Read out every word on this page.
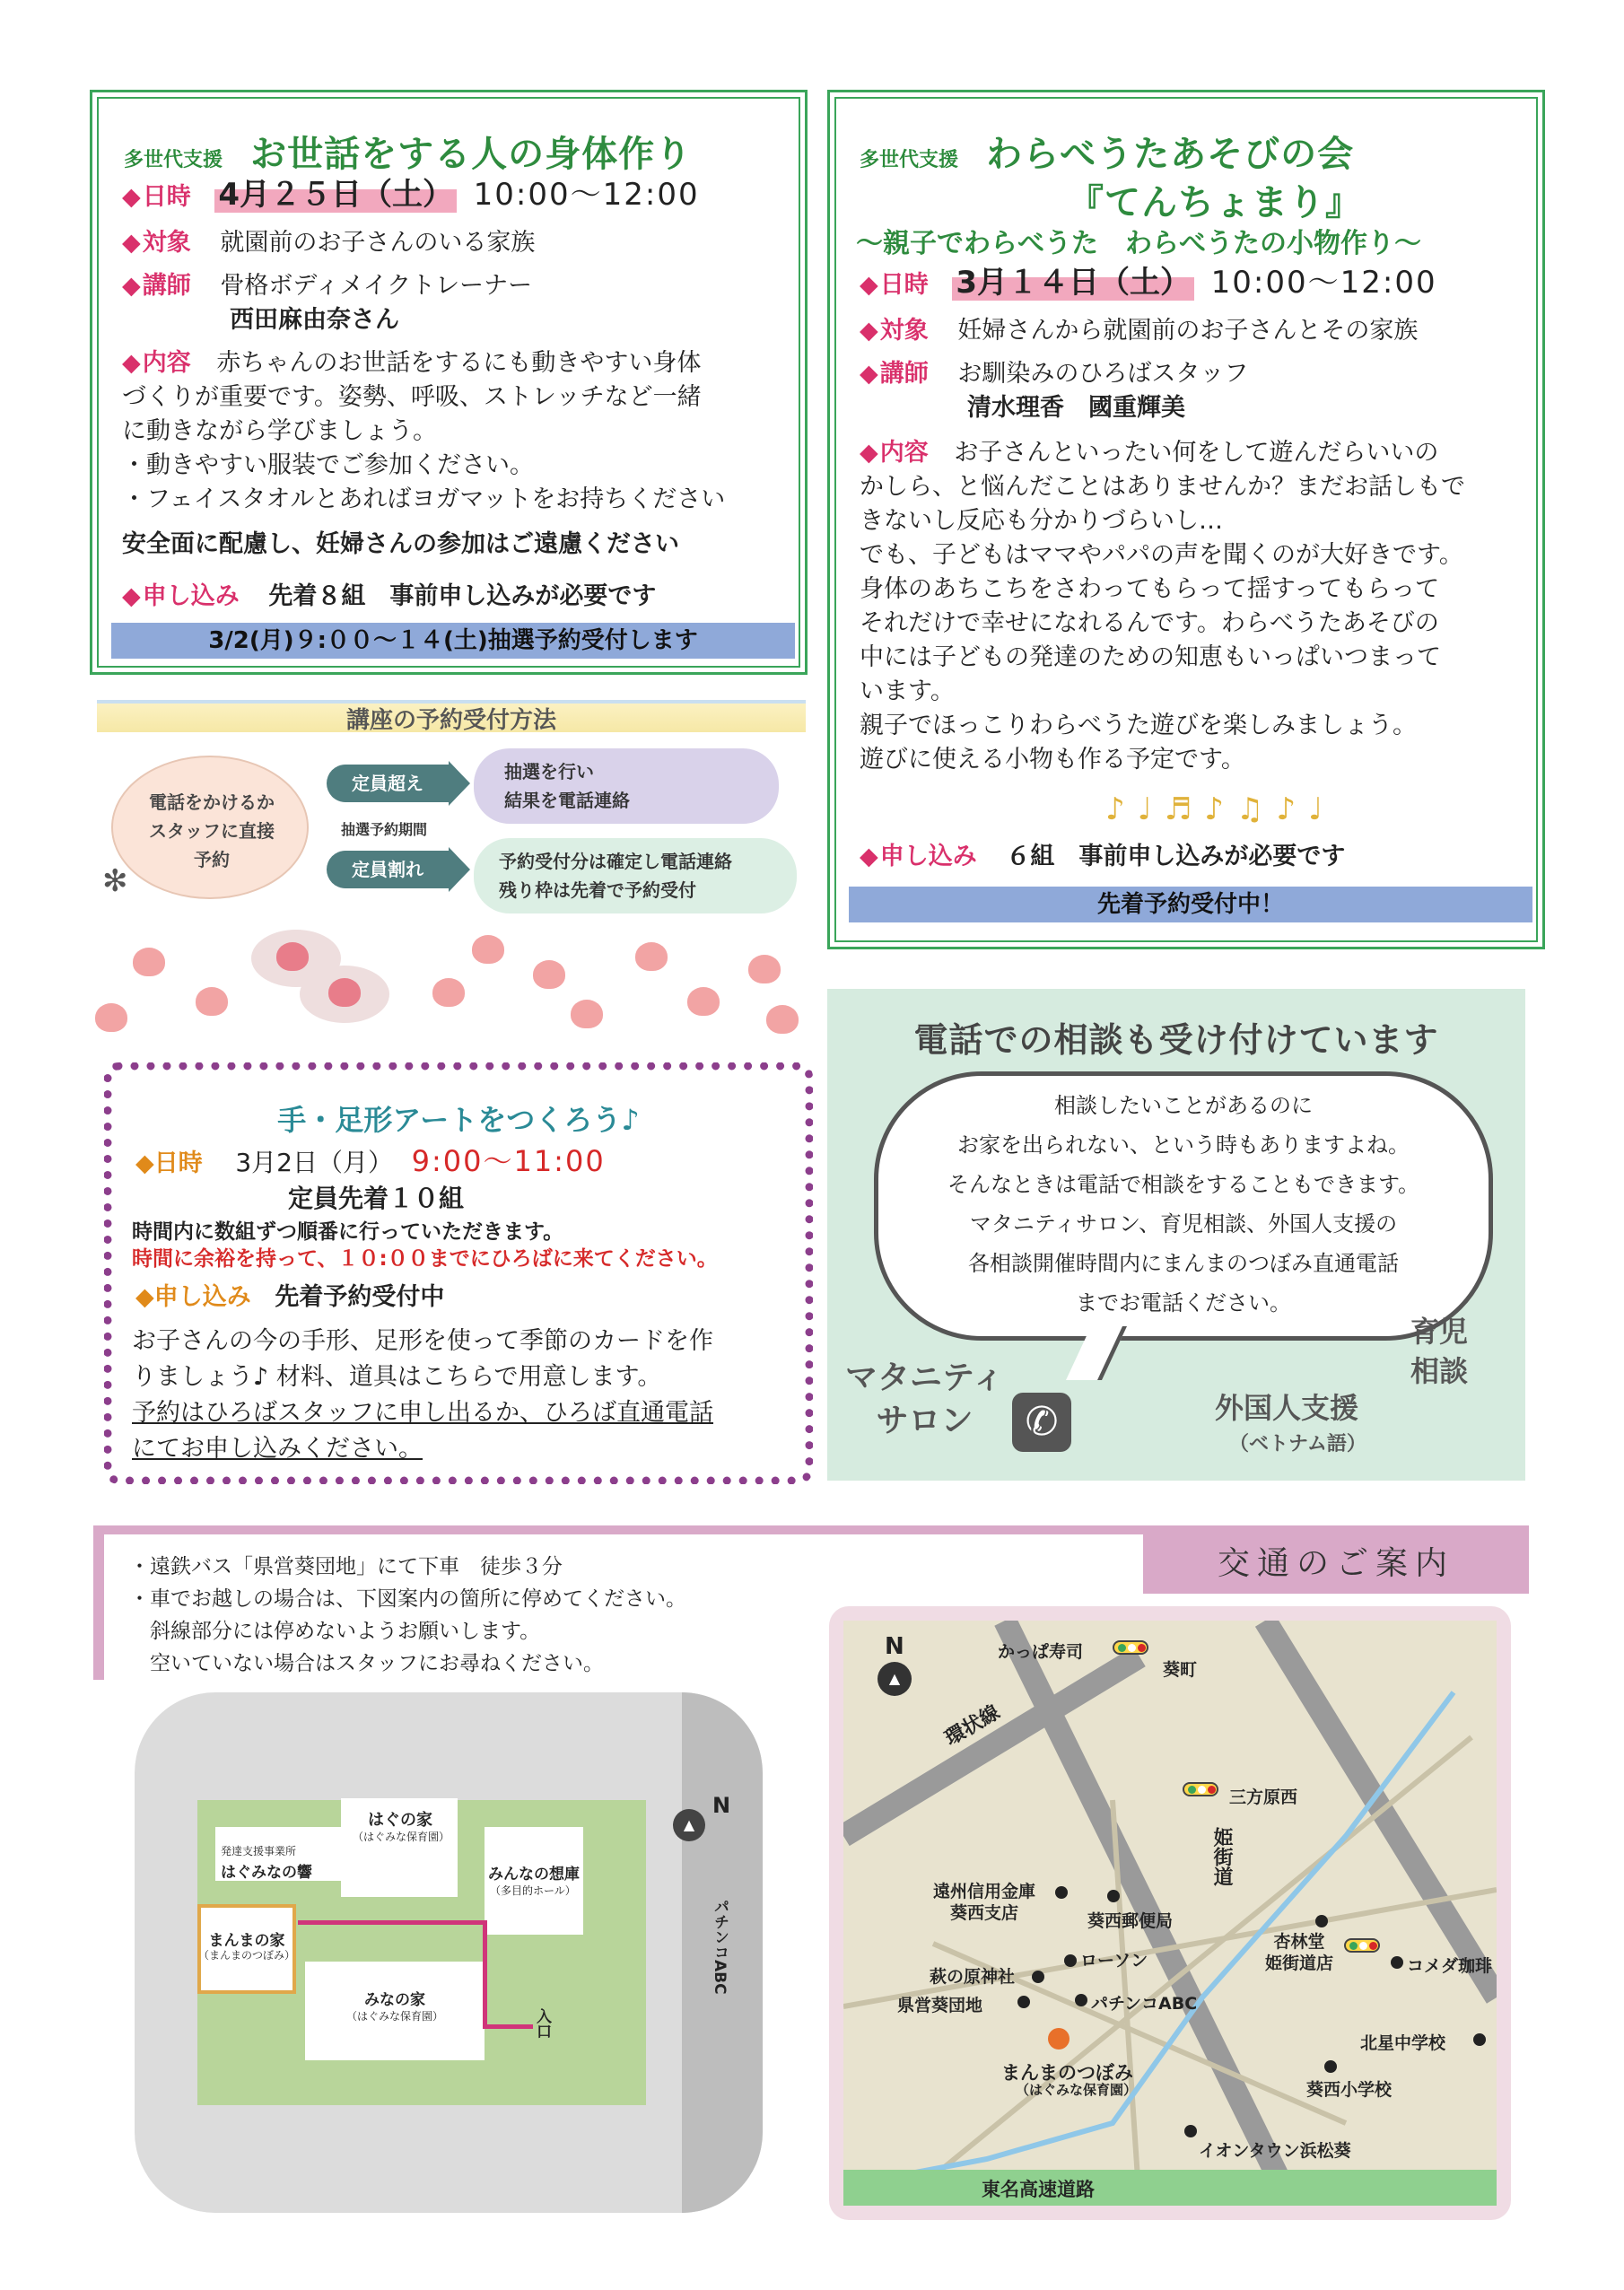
多世代支援 お世話をする人の身体作り
◆ 日時 4月２５日（土） 10:00～12:00
◆ 対象 就園前のお子さんのいる家族
◆ 講師 骨格ボディメイクトレーナー
西田麻由奈さん
◆ 内容 赤ちゃんのお世話をするにも動きやすい身体
づくりが重要です。姿勢、呼吸、ストレッチなど一緒
に動きながら学びましょう。
・動きやすい服装でご参加ください。
・フェイスタオルとあればヨガマットをお持ちください
安全面に配慮し、妊婦さんの参加はご遠慮ください
◆ 申し込み 先着８組　事前申し込みが必要です
3/2(月)９:００～１４(土)抽選予約受付します
多世代支援 わらべうたあそびの会
『てんちょまり』
～親子でわらべうた　わらべうたの小物作り～
◆ 日時 3月１４日（土） 10:00～12:00
◆ 対象 妊婦さんから就園前のお子さんとその家族
◆ 講師 お馴染みのひろばスタッフ
清水理香　國重輝美
◆ 内容 お子さんといったい何をして遊んだらいいの
かしら、と悩んだことはありませんか？まだお話しもで
きないし反応も分かりづらいし…
でも、子どもはママやパパの声を聞くのが大好きです。
身体のあちこちをさわってもらって揺すってもらって
それだけで幸せになれるんです。わらべうたあそびの
中には子どもの発達のための知恵もいっぱいつまって
います。
親子でほっこりわらべうた遊びを楽しみましょう。
遊びに使える小物も作る予定です。
♪♩♬♪♫♪♩
◆ 申し込み ６組　事前申し込みが必要です
先着予約受付中！
講座の予約受付方法
電話をかけるか
スタッフに直接
予約
✻
定員超え
抽選予約期間
定員割れ
抽選を行い
結果を電話連絡
予約受付分は確定し電話連絡
残り枠は先着で予約受付
手・足形アートをつくろう♪
◆日時 3月2日（月） 9:00～11:00
定員先着１０組
時間内に数組ずつ順番に行っていただきます。
時間に余裕を持って、１０:００までにひろばに来てください。
◆申し込み 先着予約受付中
お子さんの今の手形、足形を使って季節のカードを作
りましょう♪ 材料、道具はこちらで用意します。
予約はひろばスタッフに申し出るか、ひろば直通電話
にてお申し込みください。
電話での相談も受け付けています
相談したいことがあるのに
お家を出られない、という時もありますよね。
そんなときは電話で相談をすることもできます。
マタニティサロン、育児相談、外国人支援の
各相談開催時間内にまんまのつぼみ直通電話
までお電話ください。
マタニティ
サロン	✆	外国人支援
（ベトナム語）
育児
相談
交通のご案内
・遠鉄バス「県営葵団地」にて下車　徒歩３分
・車でお越しの場合は、下図案内の箇所に停めてください。
　斜線部分には停めないようお願いします。
　空いていない場合はスタッフにお尋ねください。
はぐの家
（はぐみな保育園）
発達支援事業所
はぐみなの響	みんなの想庫
（多目的ホール）
まんまの家
（まんまのつぼみ）
みなの家
（はぐみな保育園）	入口
パチンコABC
▲
N
▲
N	かっぱ寿司
葵町
環状線
三方原西
姫街道
遠州信用金庫
葵西支店	葵西郵便局
杏林堂
姫街道店	コメダ珈琲
萩の原神社
ローソン
県営葵団地	パチンコABC
まんまのつぼみ
（はぐみな保育園）
北星中学校
葵西小学校
イオンタウン浜松葵
東名高速道路
